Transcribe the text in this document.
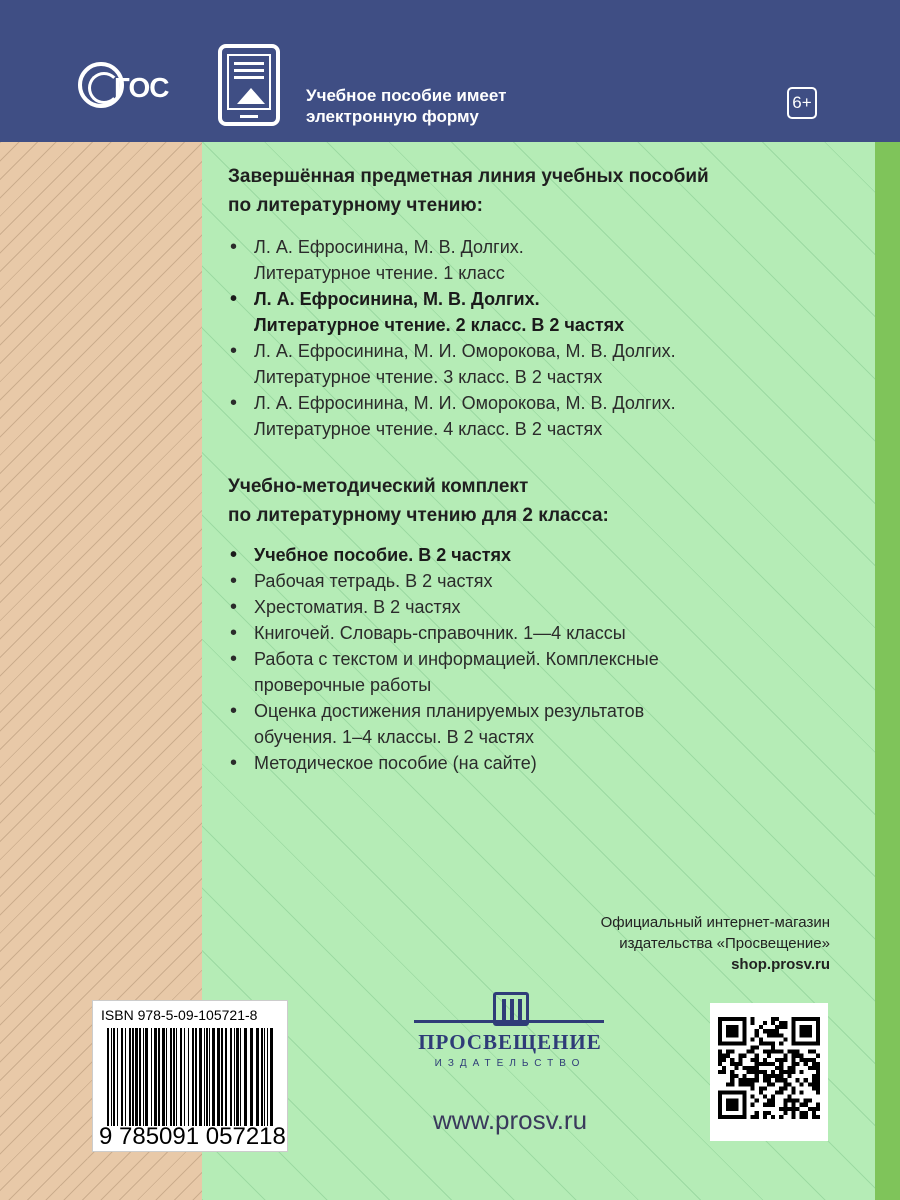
ГОС	Учебное пособие имеет
электронную форму
6+
Завершённая предметная линия учебных пособий
по литературному чтению:
• Л. А. Ефросинина, М. В. Долгих.
Литературное чтение. 1 класс
• Л. А. Ефросинина, М. В. Долгих.
Литературное чтение. 2 класс. В 2 частях
• Л. А. Ефросинина, М. И. Оморокова, М. В. Долгих.
Литературное чтение. 3 класс. В 2 частях
• Л. А. Ефросинина, М. И. Оморокова, М. В. Долгих.
Литературное чтение. 4 класс. В 2 частях
Учебно-методический комплект
по литературному чтению для 2 класса:
• Учебное пособие. В 2 частях
• Рабочая тетрадь. В 2 частях
• Хрестоматия. В 2 частях
• Книгочей. Словарь-справочник. 1—4 классы
• Работа с текстом и информацией. Комплексные
проверочные работы
• Оценка достижения планируемых результатов
обучения. 1–4 классы. В 2 частях
• Методическое пособие (на сайте)
Официальный интернет-магазин
издательства «Просвещение»
shop.prosv.ru
ISBN 978-5-09-105721-8
9 785091 057218
ПРОСВЕЩЕНИЕ
ИЗДАТЕЛЬСТВО
www.prosv.ru
